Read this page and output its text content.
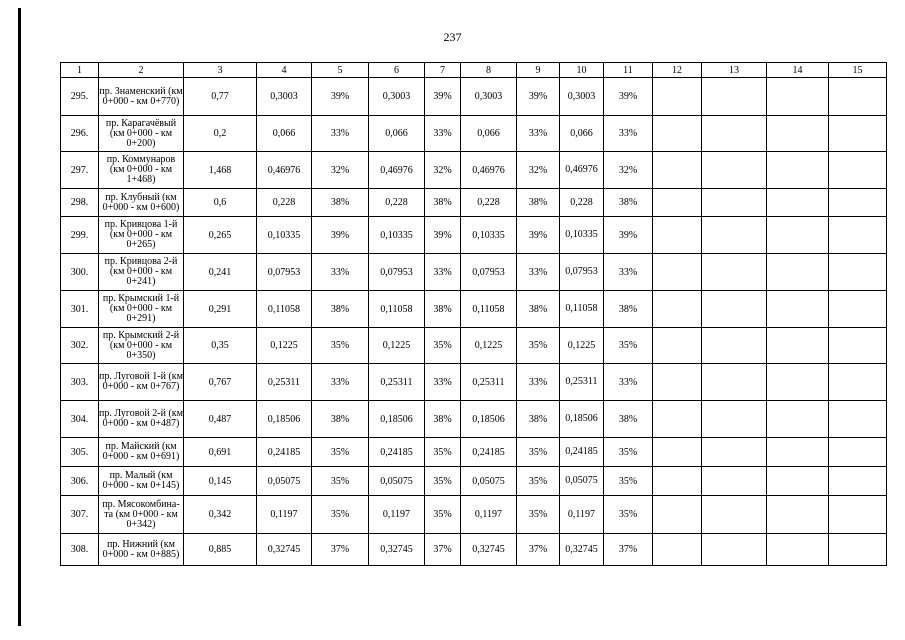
237
1	2	3	4	5	6	7	8	9	10	11	12	13	14	15
295.	пр. Знаменский (км 0+000 - км 0+770)	0,77	0,3003	39%	0,3003	39%	0,3003	39%	0,3003	39%				
296.	пр. Карагачёвый (км 0+000 - км 0+200)	0,2	0,066	33%	0,066	33%	0,066	33%	0,066	33%				
297.	пр. Коммунаров (км 0+000 - км 1+468)	1,468	0,46976	32%	0,46976	32%	0,46976	32%	0,46976	32%				
298.	пр. Клубный (км 0+000 - км 0+600)	0,6	0,228	38%	0,228	38%	0,228	38%	0,228	38%				
299.	пр. Кривцова 1-й (км 0+000 - км 0+265)	0,265	0,10335	39%	0,10335	39%	0,10335	39%	0,10335	39%				
300.	пр. Кривцова 2-й (км 0+000 - км 0+241)	0,241	0,07953	33%	0,07953	33%	0,07953	33%	0,07953	33%				
301.	пр. Крымский 1-й (км 0+000 - км 0+291)	0,291	0,11058	38%	0,11058	38%	0,11058	38%	0,11058	38%				
302.	пр. Крымский 2-й (км 0+000 - км 0+350)	0,35	0,1225	35%	0,1225	35%	0,1225	35%	0,1225	35%				
303.	пр. Луговой 1-й (км 0+000 - км 0+767)	0,767	0,25311	33%	0,25311	33%	0,25311	33%	0,25311	33%				
304.	пр. Луговой 2-й (км 0+000 - км 0+487)	0,487	0,18506	38%	0,18506	38%	0,18506	38%	0,18506	38%				
305.	пр. Майский (км 0+000 - км 0+691)	0,691	0,24185	35%	0,24185	35%	0,24185	35%	0,24185	35%				
306.	пр. Малый (км 0+000 - км 0+145)	0,145	0,05075	35%	0,05075	35%	0,05075	35%	0,05075	35%				
307.	пр. Мясокомбина-та (км 0+000 - км 0+342)	0,342	0,1197	35%	0,1197	35%	0,1197	35%	0,1197	35%				
308.	пр. Нижний (км 0+000 - км 0+885)	0,885	0,32745	37%	0,32745	37%	0,32745	37%	0,32745	37%				
